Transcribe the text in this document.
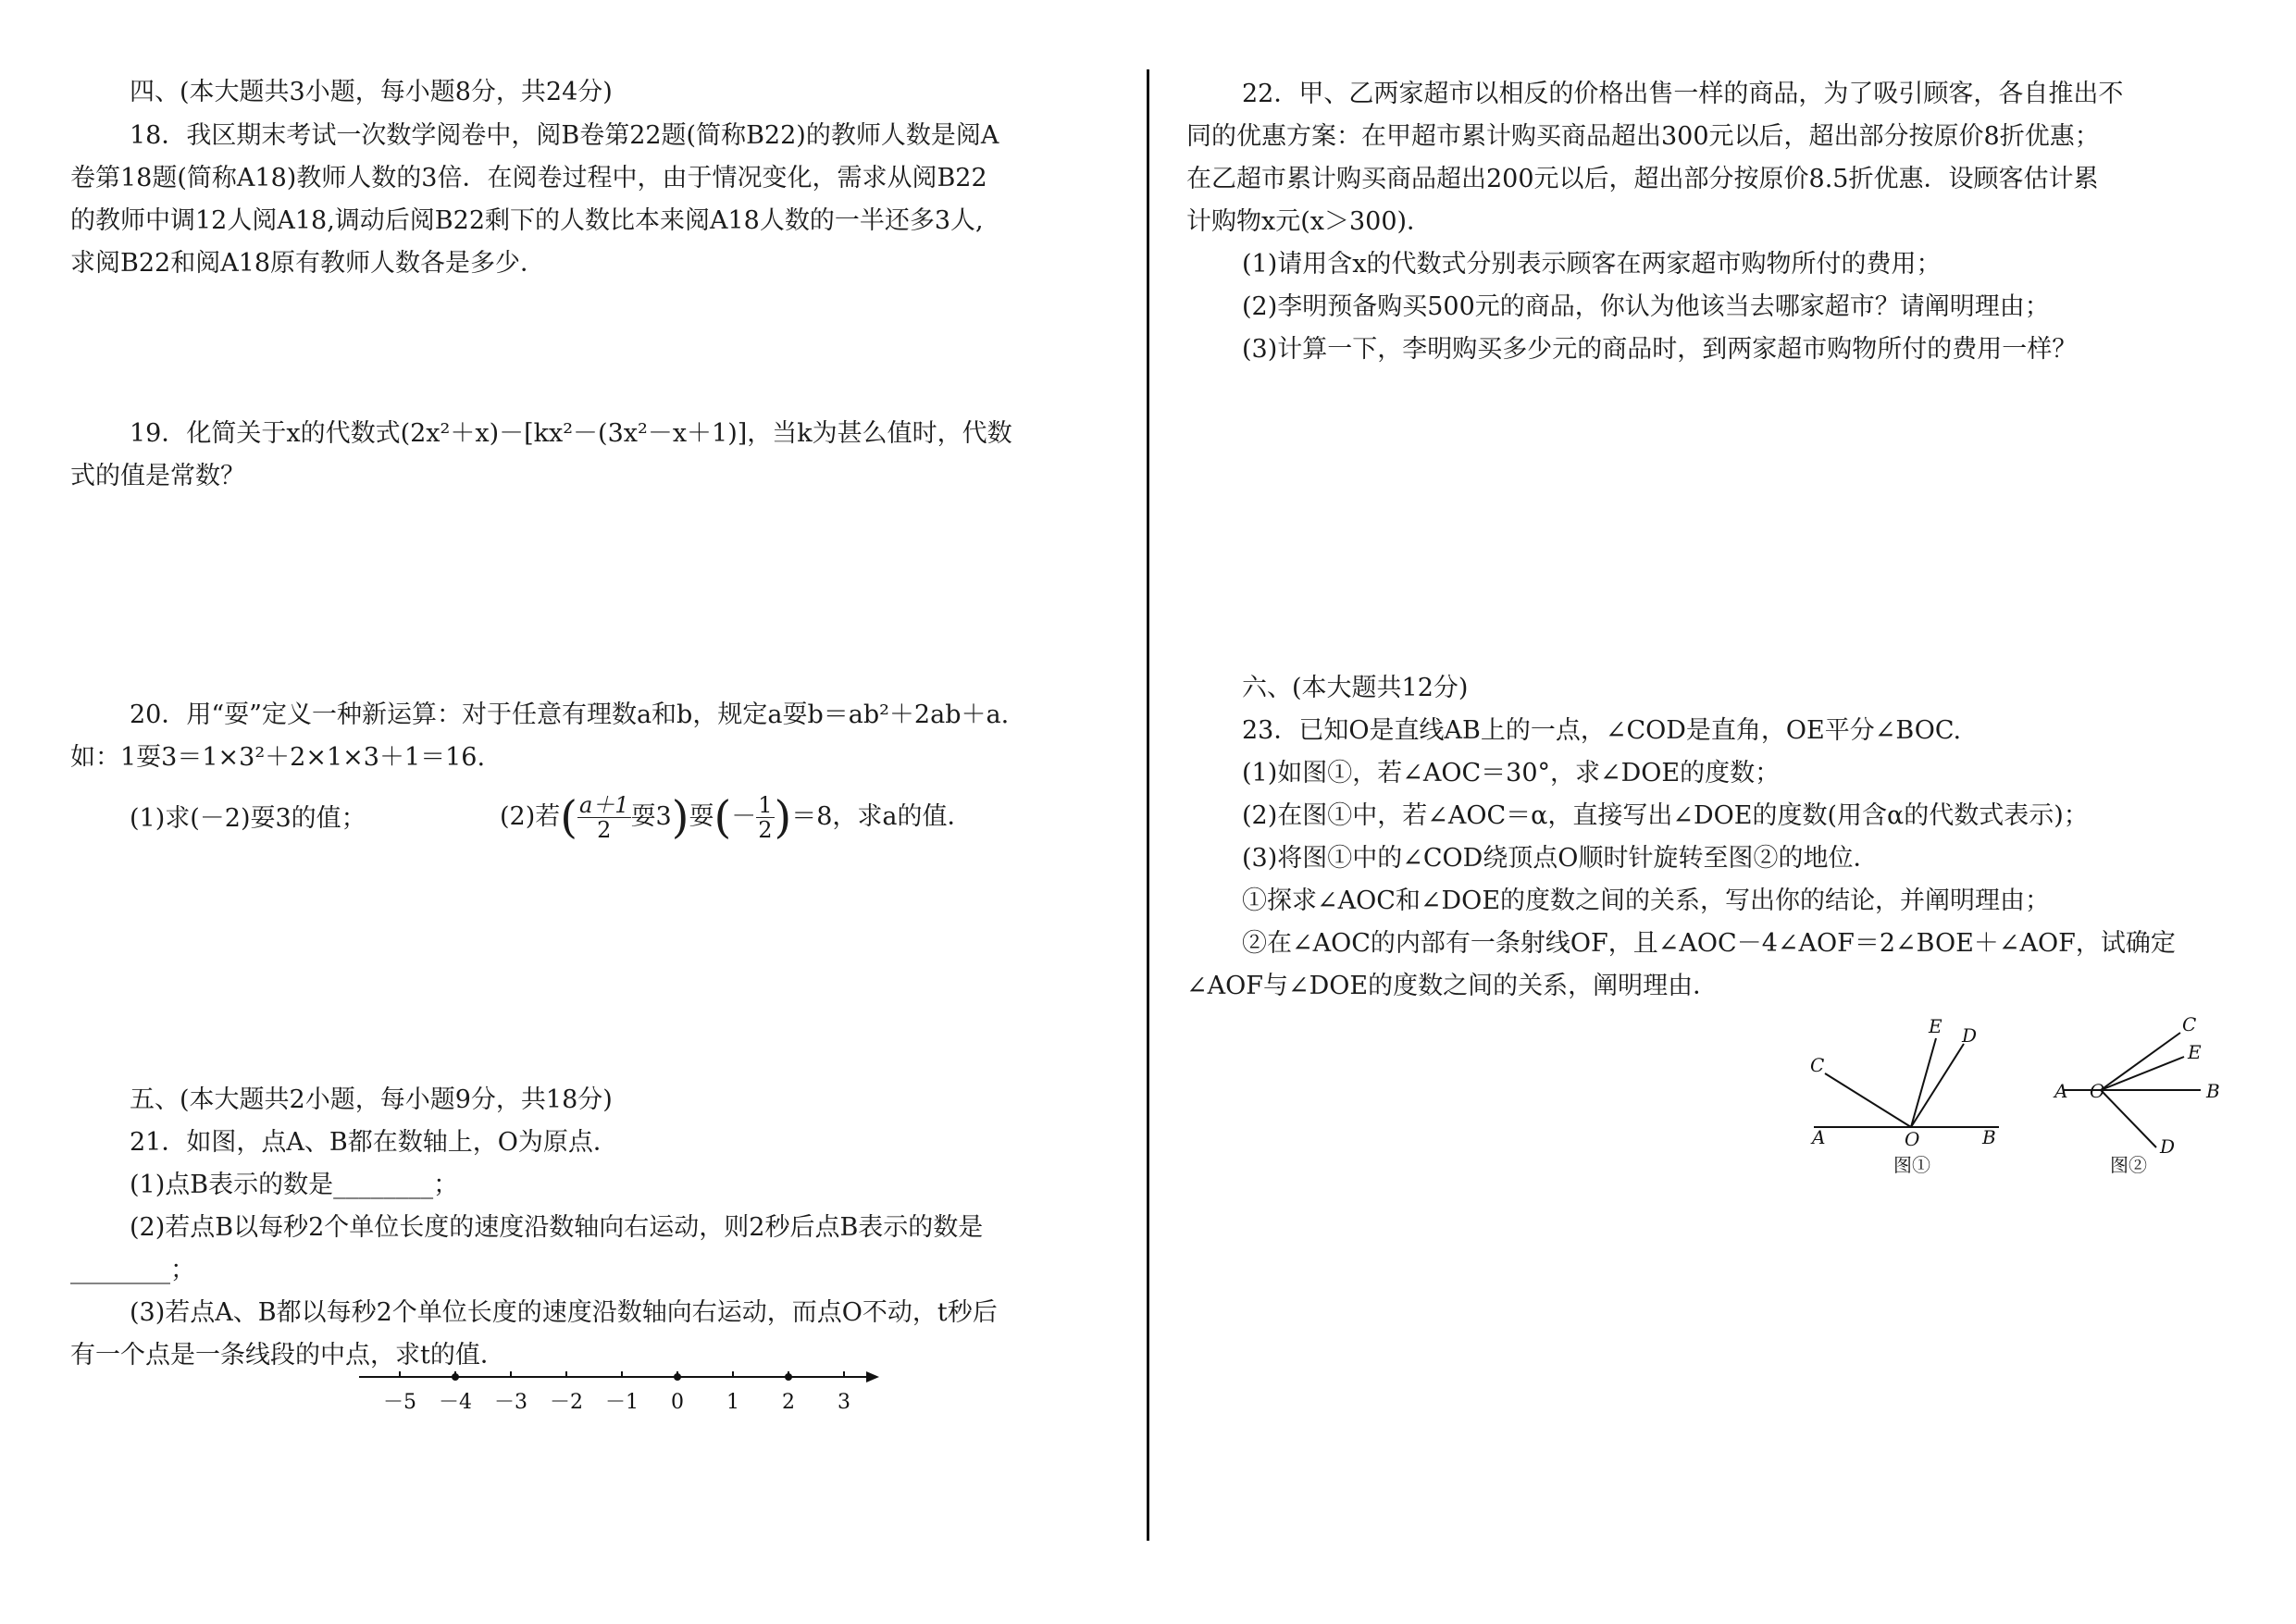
四、(本大题共3小题，每小题8分，共24分)
18．我区期末考试一次数学阅卷中，阅B卷第22题(简称B22)的教师人数是阅A
卷第18题(简称A18)教师人数的3倍．在阅卷过程中，由于情况变化，需求从阅B22
的教师中调12人阅A18,调动后阅B22剩下的人数比本来阅A18人数的一半还多3人,
求阅B22和阅A18原有教师人数各是多少．
19．化简关于x的代数式(2x²＋x)－[kx²－(3x²－x＋1)]，当k为甚么值时，代数
式的值是常数？
20．用“耍”定义一种新运算：对于任意有理数a和b，规定a耍b＝ab²＋2ab＋a.
如：1耍3＝1×3²＋2×1×3＋1＝16.
(1)求(－2)耍3的值；	(2)若( $\frac{a+1}{2}$ 耍3)耍(－ $\frac{1}{2} )=8$，求a的值．
五、(本大题共2小题，每小题9分，共18分)
21．如图，点A、B都在数轴上，O为原点．
(1)点B表示的数是________；
(2)若点B以每秒2个单位长度的速度沿数轴向右运动，则2秒后点B表示的数是
________；
(3)若点A、B都以每秒2个单位长度的速度沿数轴向右运动，而点O不动，t秒后
有一个点是一条线段的中点，求t的值．
－5 －4 －3 －2 －1 0 1 2 3
22．甲、乙两家超市以相反的价格出售一样的商品，为了吸引顾客，各自推出不
同的优惠方案：在甲超市累计购买商品超出300元以后，超出部分按原价8折优惠；
在乙超市累计购买商品超出200元以后，超出部分按原价8.5折优惠．设顾客估计累
计购物x元(x＞300)．
(1)请用含x的代数式分别表示顾客在两家超市购物所付的费用；
(2)李明预备购买500元的商品，你认为他该当去哪家超市？请阐明理由；
(3)计算一下，李明购买多少元的商品时，到两家超市购物所付的费用一样？
六、(本大题共12分)
23．已知O是直线AB上的一点，∠COD是直角，OE平分∠BOC.
(1)如图①，若∠AOC＝30°，求∠DOE的度数；
(2)在图①中，若∠AOC＝α，直接写出∠DOE的度数(用含α的代数式表示)；
(3)将图①中的∠COD绕顶点O顺时针旋转至图②的地位．
①探求∠AOC和∠DOE的度数之间的关系，写出你的结论，并阐明理由；
②在∠AOC的内部有一条射线OF，且∠AOC－4∠AOF＝2∠BOE＋∠AOF，试确定
∠AOF与∠DOE的度数之间的关系，阐明理由．
A	O	B
C
E D
图①
A O	B
C
E
D
图②
